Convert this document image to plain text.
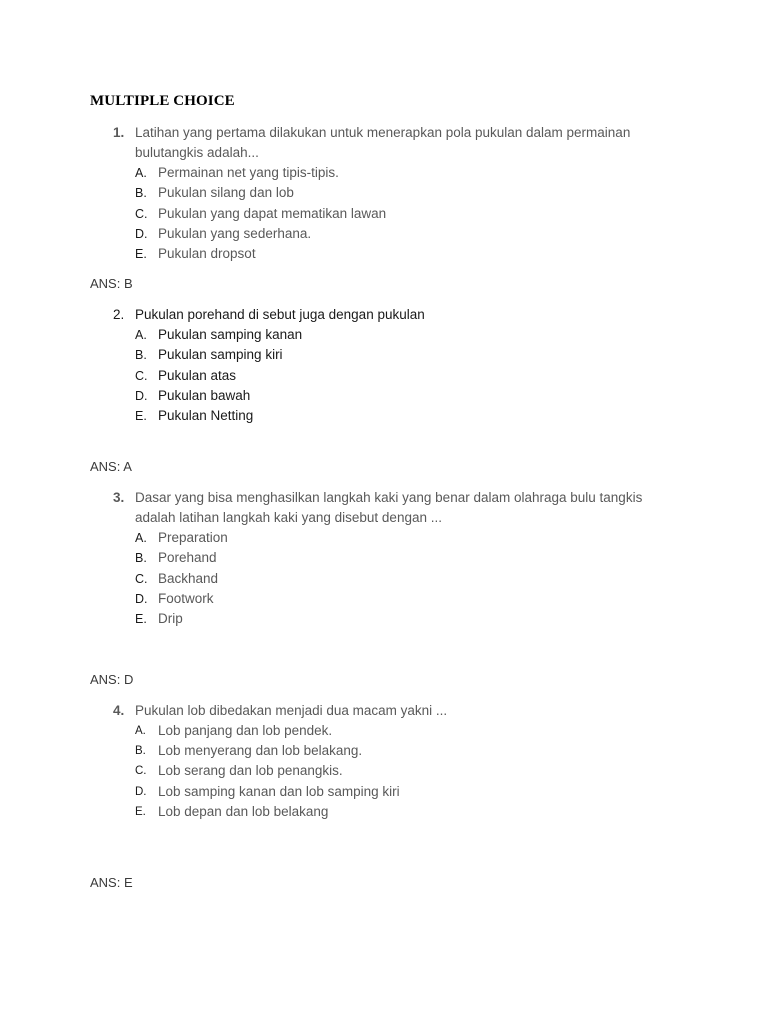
MULTIPLE CHOICE
1. Latihan yang pertama dilakukan untuk menerapkan pola pukulan dalam permainan
bulutangkis adalah...
A. Permainan net yang tipis-tipis.
B. Pukulan silang dan lob
C. Pukulan yang dapat mematikan lawan
D. Pukulan yang sederhana.
E. Pukulan dropsot
ANS: B
2. Pukulan porehand di sebut juga dengan pukulan
A. Pukulan samping kanan
B. Pukulan samping kiri
C. Pukulan atas
D. Pukulan bawah
E. Pukulan Netting
ANS: A
3. Dasar yang bisa menghasilkan langkah kaki yang benar dalam olahraga bulu tangkis
adalah latihan langkah kaki yang disebut dengan ...
A. Preparation
B. Porehand
C. Backhand
D. Footwork
E. Drip
ANS: D
4. Pukulan lob dibedakan menjadi dua macam yakni ...
A. Lob panjang dan lob pendek.
B. Lob menyerang dan lob belakang.
C. Lob serang dan lob penangkis.
D. Lob samping kanan dan lob samping kiri
E. Lob depan dan lob belakang
ANS: E
